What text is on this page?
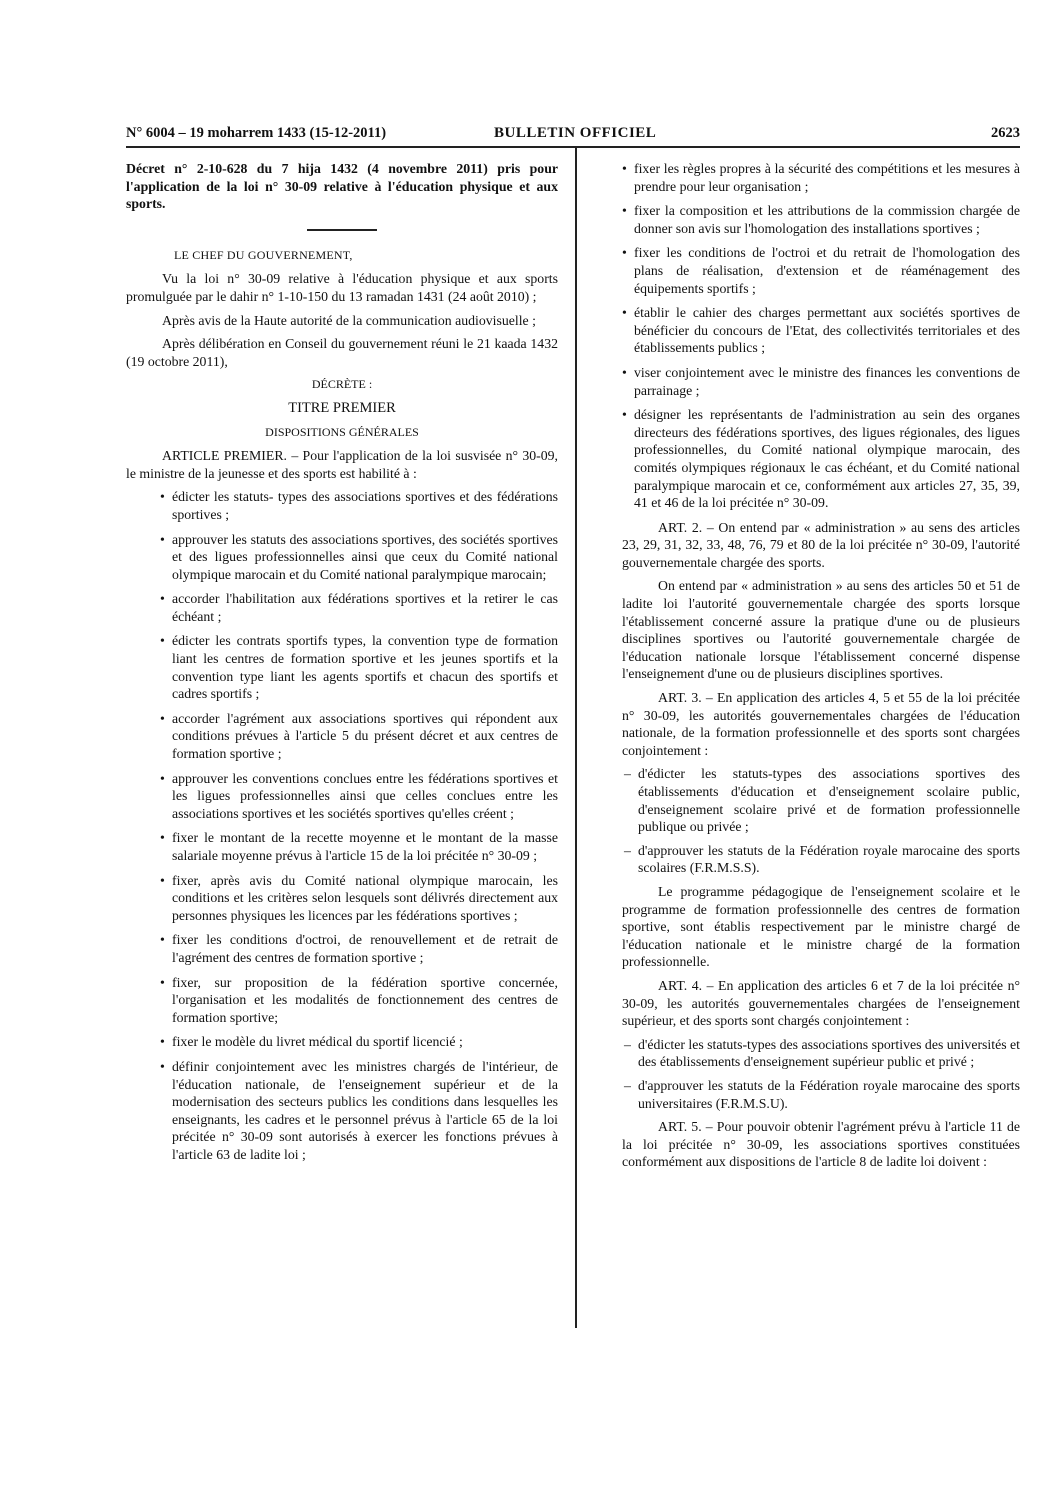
N° 6004 – 19 moharrem 1433 (15-12-2011)	BULLETIN OFFICIEL	2623

Décret n° 2-10-628 du 7 hija 1432 (4 novembre 2011) pris pour l'application de la loi n° 30-09 relative à l'éducation physique et aux sports.

LE CHEF DU GOUVERNEMENT,

Vu la loi n° 30-09 relative à l'éducation physique et aux sports promulguée par le dahir n° 1-10-150 du 13 ramadan 1431 (24 août 2010) ;

Après avis de la Haute autorité de la communication audiovisuelle ;

Après délibération en Conseil du gouvernement réuni le 21 kaada 1432 (19 octobre 2011),

DÉCRÈTE :

TITRE PREMIER

DISPOSITIONS GÉNÉRALES

ARTICLE PREMIER. – Pour l'application de la loi susvisée n° 30-09, le ministre de la jeunesse et des sports est habilité à :

• édicter les statuts- types des associations sportives et des fédérations sportives ;
• approuver les statuts des associations sportives, des sociétés sportives et des ligues professionnelles ainsi que ceux du Comité national olympique marocain et du Comité national paralympique marocain;
• accorder l'habilitation aux fédérations sportives et la retirer le cas échéant ;
• édicter les contrats sportifs types, la convention type de formation liant les centres de formation sportive et les jeunes sportifs et la convention type liant les agents sportifs et chacun des sportifs et cadres sportifs ;
• accorder l'agrément aux associations sportives qui répondent aux conditions prévues à l'article 5 du présent décret et aux centres de formation sportive ;
• approuver les conventions conclues entre les fédérations sportives et les ligues professionnelles ainsi que celles conclues entre les associations sportives et les sociétés sportives qu'elles créent ;
• fixer le montant de la recette moyenne et le montant de la masse salariale moyenne prévus à l'article 15 de la loi précitée n° 30-09 ;
• fixer, après avis du Comité national olympique marocain, les conditions et les critères selon lesquels sont délivrés directement aux personnes physiques les licences par les fédérations sportives ;
• fixer les conditions d'octroi, de renouvellement et de retrait de l'agrément des centres de formation sportive ;
• fixer, sur proposition de la fédération sportive concernée, l'organisation et les modalités de fonctionnement des centres de formation sportive;
• fixer le modèle du livret médical du sportif licencié ;
• définir conjointement avec les ministres chargés de l'intérieur, de l'éducation nationale, de l'enseignement supérieur et de la modernisation des secteurs publics les conditions dans lesquelles les enseignants, les cadres et le personnel prévus à l'article 65 de la loi précitée n° 30-09 sont autorisés à exercer les fonctions prévues à l'article 63 de ladite loi ;
• fixer les règles propres à la sécurité des compétitions et les mesures à prendre pour leur organisation ;
• fixer la composition et les attributions de la commission chargée de donner son avis sur l'homologation des installations sportives ;
• fixer les conditions de l'octroi et du retrait de l'homologation des plans de réalisation, d'extension et de réaménagement des équipements sportifs ;
• établir le cahier des charges permettant aux sociétés sportives de bénéficier du concours de l'Etat, des collectivités territoriales et des établissements publics ;
• viser conjointement avec le ministre des finances les conventions de parrainage ;
• désigner les représentants de l'administration au sein des organes directeurs des fédérations sportives, des ligues régionales, des ligues professionnelles, du Comité national olympique marocain, des comités olympiques régionaux le cas échéant, et du Comité national paralympique marocain et ce, conformément aux articles 27, 35, 39, 41 et 46 de la loi précitée n° 30-09.

ART. 2. – On entend par « administration » au sens des articles 23, 29, 31, 32, 33, 48, 76, 79 et 80 de la loi précitée n° 30-09, l'autorité gouvernementale chargée des sports.

On entend par « administration » au sens des articles 50 et 51 de ladite loi l'autorité gouvernementale chargée des sports lorsque l'établissement concerné assure la pratique d'une ou de plusieurs disciplines sportives ou l'autorité gouvernementale chargée de l'éducation nationale lorsque l'établissement concerné dispense l'enseignement d'une ou de plusieurs disciplines sportives.

ART. 3. – En application des articles 4, 5 et 55 de la loi précitée n° 30-09, les autorités gouvernementales chargées de l'éducation nationale, de la formation professionnelle et des sports sont chargées conjointement :

– d'édicter les statuts-types des associations sportives des établissements d'éducation et d'enseignement scolaire public, d'enseignement scolaire privé et de formation professionnelle publique ou privée ;
– d'approuver les statuts de la Fédération royale marocaine des sports scolaires (F.R.M.S.S).

Le programme pédagogique de l'enseignement scolaire et le programme de formation professionnelle des centres de formation sportive, sont établis respectivement par le ministre chargé de l'éducation nationale et le ministre chargé de la formation professionnelle.

ART. 4. – En application des articles 6 et 7 de la loi précitée n° 30-09, les autorités gouvernementales chargées de l'enseignement supérieur, et des sports sont chargés conjointement :

– d'édicter les statuts-types des associations sportives des universités et des établissements d'enseignement supérieur public et privé ;
– d'approuver les statuts de la Fédération royale marocaine des sports universitaires (F.R.M.S.U).

ART. 5. – Pour pouvoir obtenir l'agrément prévu à l'article 11 de la loi précitée n° 30-09, les associations sportives constituées conformément aux dispositions de l'article 8 de ladite loi doivent :
